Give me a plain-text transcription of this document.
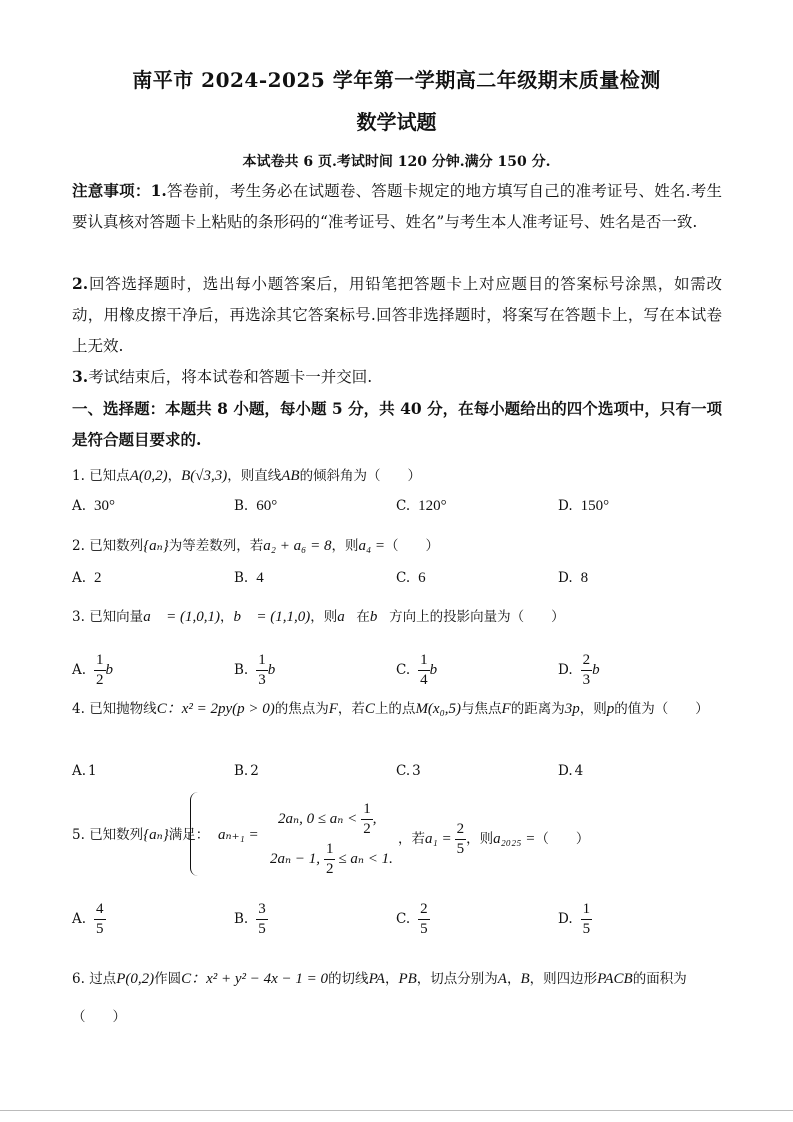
南平市 2024-2025 学年第一学期高二年级期末质量检测
数学试题
本试卷共 6 页.考试时间 120 分钟.满分 150 分.
注意事项：1.答卷前，考生务必在试题卷、答题卡规定的地方填写自己的准考证号、姓名.考生要认真核对答题卡上粘贴的条形码的“准考证号、姓名”与考生本人准考证号、姓名是否一致.
2.回答选择题时，选出每小题答案后，用铅笔把答题卡上对应题目的答案标号涂黑，如需改动，用橡皮擦干净后，再选涂其它答案标号.回答非选择题时，将案写在答题卡上，写在本试卷上无效.
3.考试结束后，将本试卷和答题卡一并交回.
一、选择题：本题共 8 小题，每小题 5 分，共 40 分，在每小题给出的四个选项中，只有一项是符合题目要求的.
1. 已知点A(0,2)，B(√3,3)，则直线AB的倾斜角为（　　）
A. 30°	B. 60°	C. 120°	D. 150°
2. 已知数列{aₙ}为等差数列，若a₂ + a₆ = 8，则a₄ =（　　）
A. 2	B. 4	C. 6	D. 8
3. 已知向量a⃗ = (1,0,1)，b⃗ = (1,1,0)，则a⃗在b⃗方向上的投影向量为（　　）
A. $\frac{1}{2}$ b⃗	B. $\frac{1}{3}$ b⃗	C. $\frac{1}{4}$ b⃗	D. $\frac{2}{3}$ b⃗
4. 已知抛物线C：x² = 2py(p > 0)的焦点为F，若C上的点M(x₀,5)与焦点F的距离为3p，则p的值为（　　）
A. 1	B. 2	C. 3	D. 4
5. 已知数列{aₙ}满足： aₙ₊₁ =
2aₙ, $0 \le a_n < \frac{1}{2}$ ,
2aₙ − 1, $\frac{1}{2} \le a_n < 1$.
，若$a_1 = \frac{2}{5}$ ，则a₂₀₂₅ =（　　）
A. $\frac{4}{5}$	B. $\frac{3}{5}$	C. $\frac{2}{5}$	D. $\frac{1}{5}$
6. 过点P(0,2)作圆C：x² + y² − 4x − 1 = 0的切线PA，PB，切点分别为A，B，则四边形PACB的面积为
（　　）
